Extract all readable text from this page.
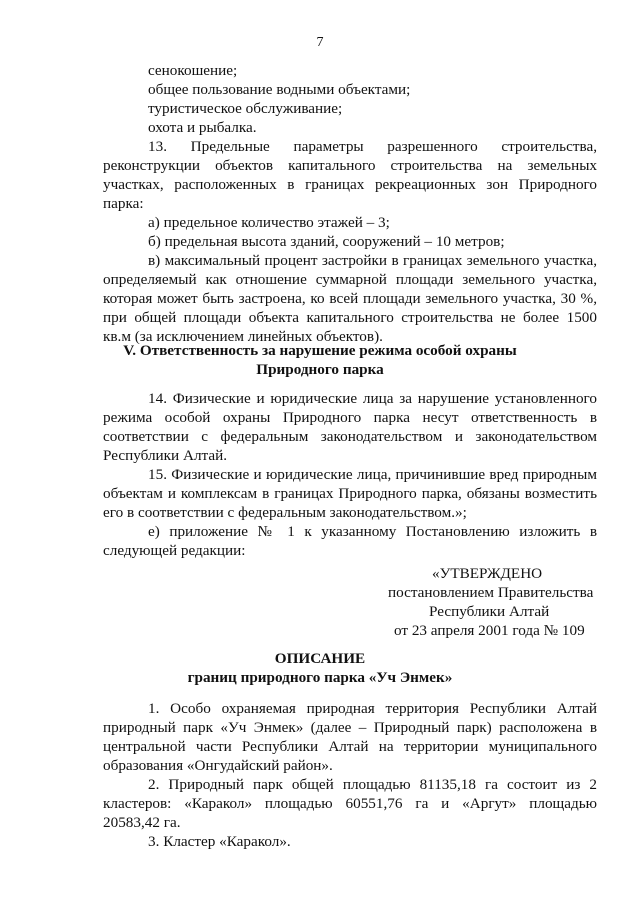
7
сенокошение;
общее пользование водными объектами;
туристическое обслуживание;
охота и рыбалка.
13. Предельные параметры разрешенного строительства,
реконструкции объектов капитального строительства на земельных
участках, расположенных в границах рекреационных зон Природного
парка:
а) предельное количество этажей – 3;
б) предельная высота зданий, сооружений – 10 метров;
в) максимальный процент застройки в границах земельного участка,
определяемый как отношение суммарной площади земельного участка,
которая может быть застроена, ко всей площади земельного участка, 30 %,
при общей площади объекта капитального строительства не более 1500
кв.м (за исключением линейных объектов).
V. Ответственность за нарушение режима особой охраны
Природного парка
14. Физические и юридические лица за нарушение установленного
режима особой охраны Природного парка несут ответственность в
соответствии с федеральным законодательством и законодательством
Республики Алтай.
15. Физические и юридические лица, причинившие вред природным
объектам и комплексам в границах Природного парка, обязаны возместить
его в соответствии с федеральным законодательством.»;
е) приложение № 1 к указанному Постановлению изложить в
следующей редакции:
«УТВЕРЖДЕНО
постановлением Правительства
Республики Алтай
от 23 апреля 2001 года № 109
ОПИСАНИЕ
границ природного парка «Уч Энмек»
1. Особо охраняемая природная территория Республики Алтай
природный парк «Уч Энмек» (далее – Природный парк) расположена в
центральной части Республики Алтай на территории муниципального
образования «Онгудайский район».
2. Природный парк общей площадью 81135,18 га состоит из 2
кластеров: «Каракол» площадью 60551,76 га и «Аргут» площадью
20583,42 га.
3. Кластер «Каракол».
